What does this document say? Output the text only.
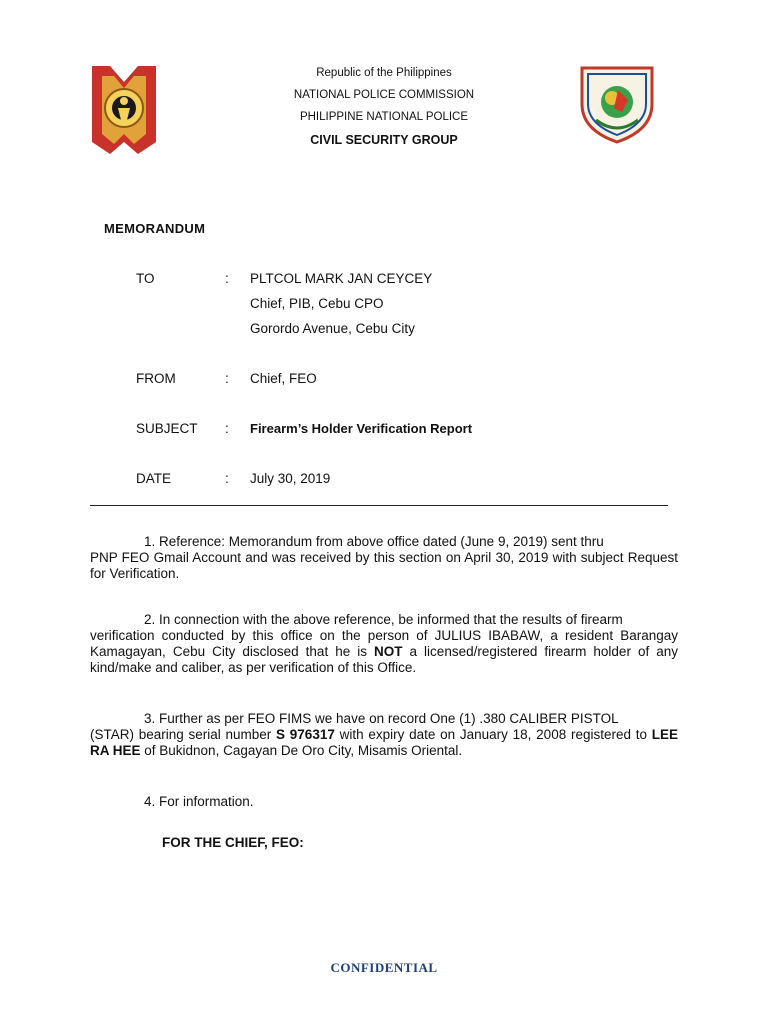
Republic of the Philippines
NATIONAL POLICE COMMISSION
PHILIPPINE NATIONAL POLICE
CIVIL SECURITY GROUP
MEMORANDUM
TO	: PLTCOL MARK JAN CEYCEY
Chief, PIB, Cebu CPO
Gorordo Avenue, Cebu City
FROM	: Chief, FEO
SUBJECT : Firearm’s Holder Verification Report
DATE	: July 30, 2019

1. Reference: Memorandum from above office dated (June 9, 2019) sent thru

PNP FEO Gmail Account and was received by this section on April 30, 2019 with subject Request for Verification.

2. In connection with the above reference, be informed that the results of firearm

verification conducted by this office on the person of JULIUS IBABAW, a resident Barangay Kamagayan, Cebu City disclosed that he is NOT a licensed/registered firearm holder of any kind/make and caliber, as per verification of this Office.

3. Further as per FEO FIMS we have on record One (1) .380 CALIBER PISTOL

(STAR) bearing serial number S 976317 with expiry date on January 18, 2008 registered to LEE RA HEE of Bukidnon, Cagayan De Oro City, Misamis Oriental.

4. For information.
FOR THE CHIEF, FEO:
CONFIDENTIAL
